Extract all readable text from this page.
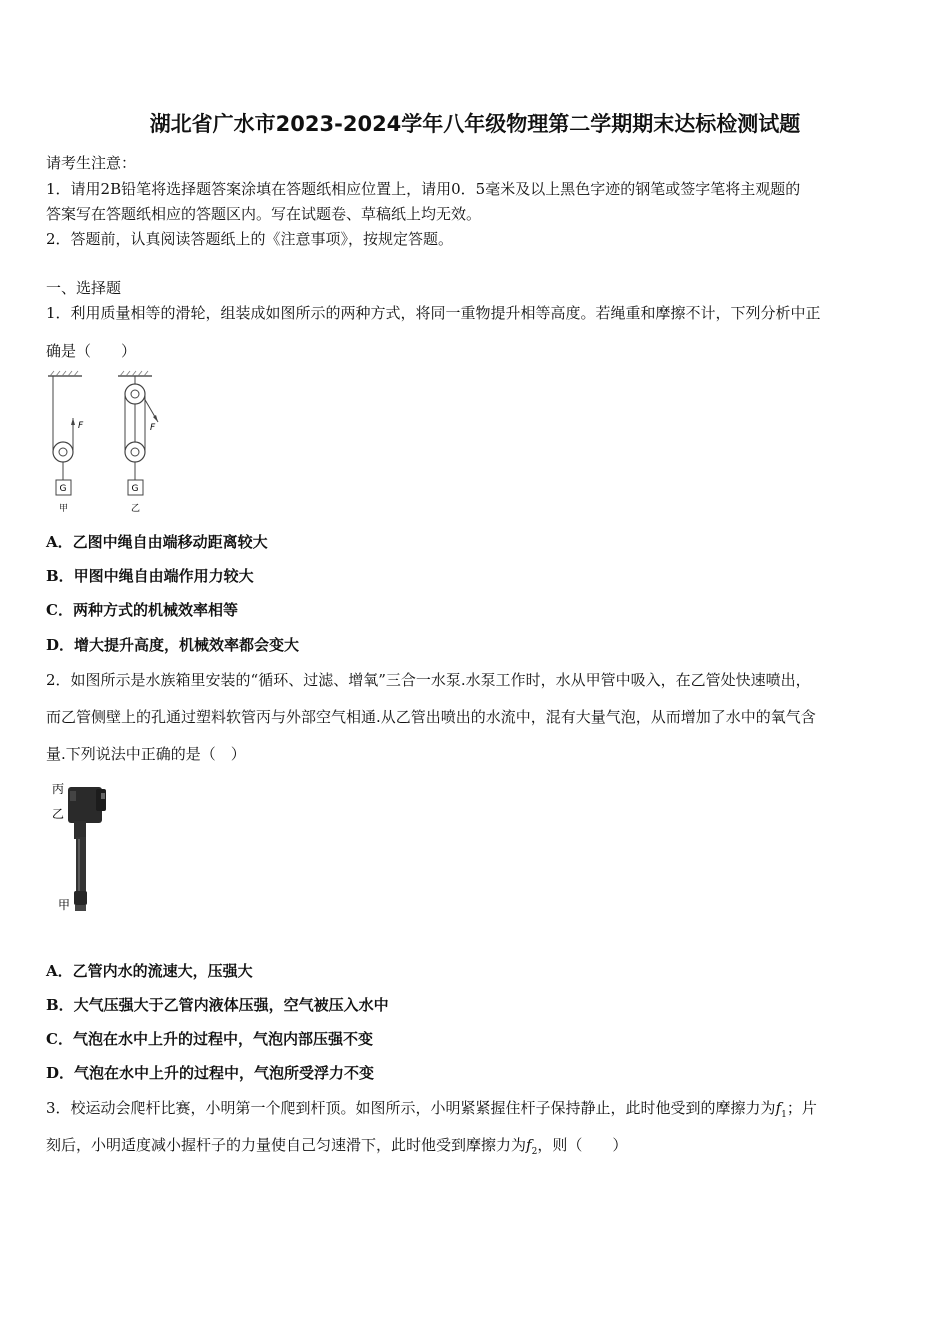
湖北省广水市2023-2024学年八年级物理第二学期期末达标检测试题
请考生注意：
1．请用2B铅笔将选择题答案涂填在答题纸相应位置上，请用0．5毫米及以上黑色字迹的钢笔或签字笔将主观题的
答案写在答题纸相应的答题区内。写在试题卷、草稿纸上均无效。
2．答题前，认真阅读答题纸上的《注意事项》，按规定答题。
一、选择题
1．利用质量相等的滑轮，组装成如图所示的两种方式，将同一重物提升相等高度。若绳重和摩擦不计，下列分析中正
确是（　　）
G
F
甲
F
G
乙
A．乙图中绳自由端移动距离较大
B．甲图中绳自由端作用力较大
C．两种方式的机械效率相等
D．增大提升高度，机械效率都会变大
2．如图所示是水族箱里安装的“循环、过滤、增氧”三合一水泵.水泵工作时，水从甲管中吸入，在乙管处快速喷出，
而乙管侧壁上的孔通过塑料软管丙与外部空气相通.从乙管出喷出的水流中，混有大量气泡，从而增加了水中的氧气含
量.下列说法中正确的是（　）
丙
乙
甲
A．乙管内水的流速大，压强大
B．大气压强大于乙管内液体压强，空气被压入水中
C．气泡在水中上升的过程中，气泡内部压强不变
D．气泡在水中上升的过程中，气泡所受浮力不变
3．校运动会爬杆比赛，小明第一个爬到杆顶。如图所示，小明紧紧握住杆子保持静止，此时他受到的摩擦力为$f_1$；片
刻后，小明适度减小握杆子的力量使自己匀速滑下，此时他受到摩擦力为$f_2$，则（　　）
